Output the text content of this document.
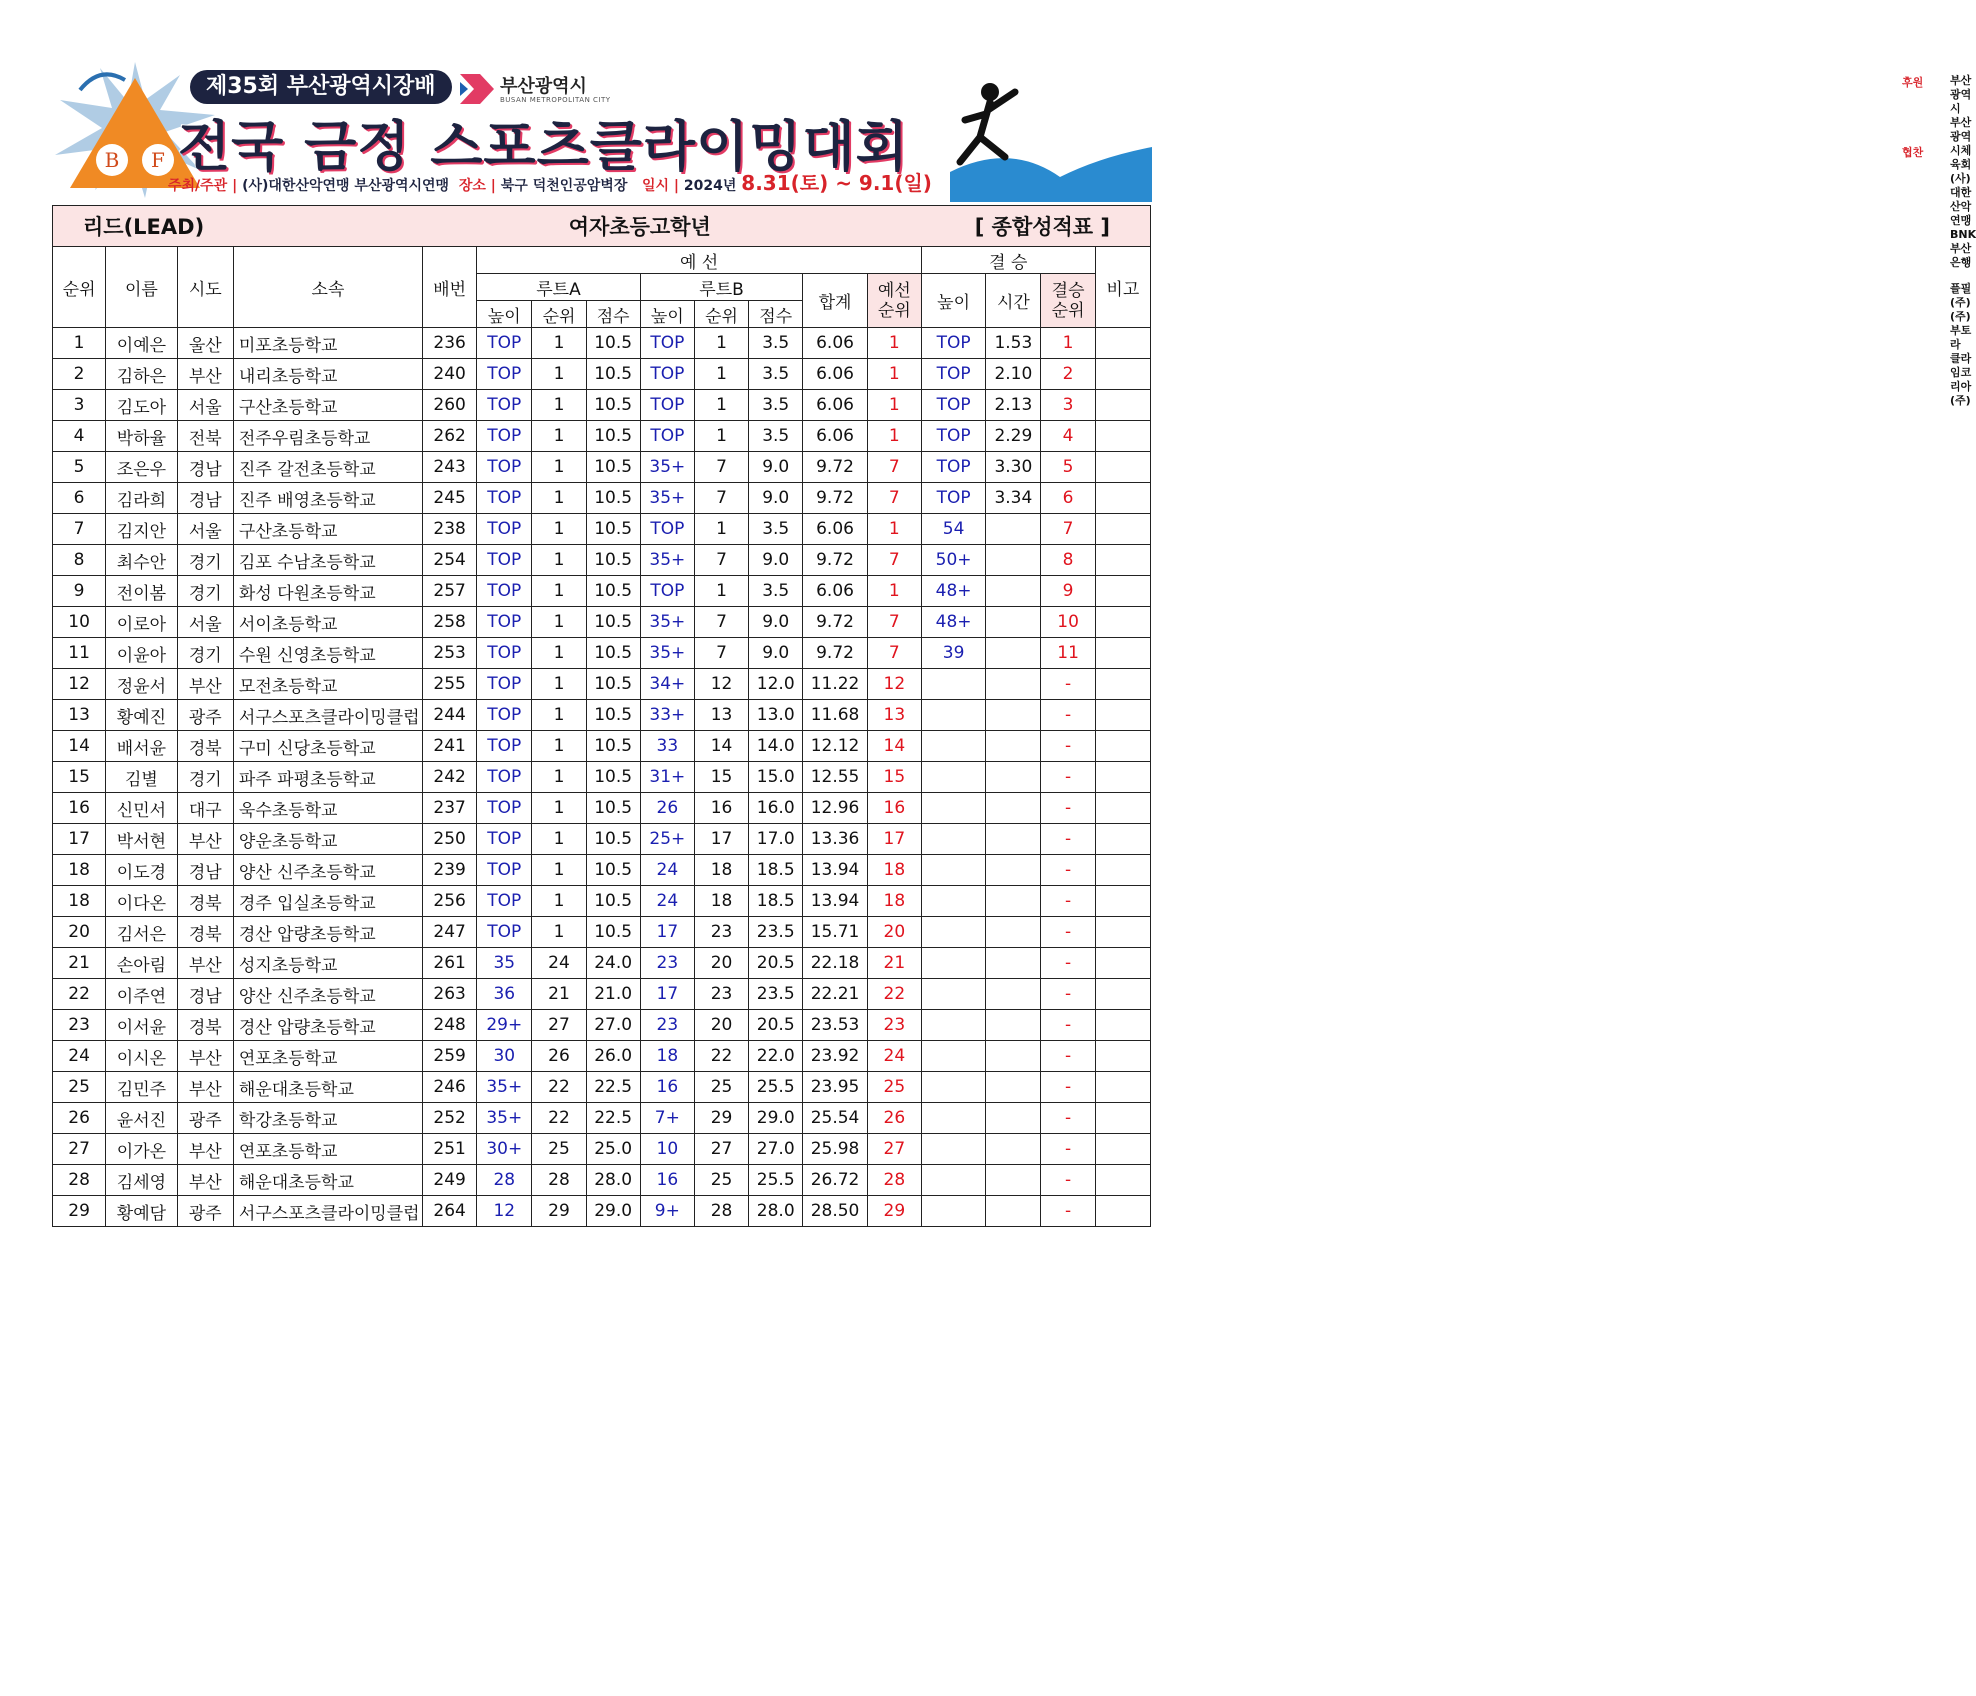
B F
제35회 부산광역시장배	부산광역시
BUSAN METROPOLITAN CITY
전국 금정 스포츠클라이밍대회
주최/주관 | (사)대한산악연맹 부산광역시연맹 장소 | 북구 덕천인공암벽장 일시 | 2024년 8.31(토) ~ 9.1(일)
후원 부산광역시
부산광역시체육회
(사)대한산악연맹
BNK부산은행
협찬
플필(주)
(주)부토라
클라임코리아(주)
리드(LEAD)					여자초등고학년						[ 종합성적표 ]					
순위	이름	시도	소속	배번	예 선								결 승			비고
					루트A			루트B			합계	예선 순위	높이	시간	결승 순위	
					높이	순위	점수	높이	순위	점수						
1	이예은	울산	미포초등학교	236	TOP	1	10.5	TOP	1	3.5	6.06	1	TOP	1.53	1	
2	김하은	부산	내리초등학교	240	TOP	1	10.5	TOP	1	3.5	6.06	1	TOP	2.10	2	
3	김도아	서울	구산초등학교	260	TOP	1	10.5	TOP	1	3.5	6.06	1	TOP	2.13	3	
4	박하율	전북	전주우림초등학교	262	TOP	1	10.5	TOP	1	3.5	6.06	1	TOP	2.29	4	
5	조은우	경남	진주 갈전초등학교	243	TOP	1	10.5	35+	7	9.0	9.72	7	TOP	3.30	5	
6	김라희	경남	진주 배영초등학교	245	TOP	1	10.5	35+	7	9.0	9.72	7	TOP	3.34	6	
7	김지안	서울	구산초등학교	238	TOP	1	10.5	TOP	1	3.5	6.06	1	54		7	
8	최수안	경기	김포 수남초등학교	254	TOP	1	10.5	35+	7	9.0	9.72	7	50+		8	
9	전이봄	경기	화성 다원초등학교	257	TOP	1	10.5	TOP	1	3.5	6.06	1	48+		9	
10	이로아	서울	서이초등학교	258	TOP	1	10.5	35+	7	9.0	9.72	7	48+		10	
11	이윤아	경기	수원 신영초등학교	253	TOP	1	10.5	35+	7	9.0	9.72	7	39		11	
12	정윤서	부산	모전초등학교	255	TOP	1	10.5	34+	12	12.0	11.22	12			-	
13	황예진	광주	서구스포츠클라이밍클럽	244	TOP	1	10.5	33+	13	13.0	11.68	13			-	
14	배서윤	경북	구미 신당초등학교	241	TOP	1	10.5	33	14	14.0	12.12	14			-	
15	김별	경기	파주 파평초등학교	242	TOP	1	10.5	31+	15	15.0	12.55	15			-	
16	신민서	대구	욱수초등학교	237	TOP	1	10.5	26	16	16.0	12.96	16			-	
17	박서현	부산	양운초등학교	250	TOP	1	10.5	25+	17	17.0	13.36	17			-	
18	이도경	경남	양산 신주초등학교	239	TOP	1	10.5	24	18	18.5	13.94	18			-	
18	이다온	경북	경주 입실초등학교	256	TOP	1	10.5	24	18	18.5	13.94	18			-	
20	김서은	경북	경산 압량초등학교	247	TOP	1	10.5	17	23	23.5	15.71	20			-	
21	손아림	부산	성지초등학교	261	35	24	24.0	23	20	20.5	22.18	21			-	
22	이주연	경남	양산 신주초등학교	263	36	21	21.0	17	23	23.5	22.21	22			-	
23	이서윤	경북	경산 압량초등학교	248	29+	27	27.0	23	20	20.5	23.53	23			-	
24	이시온	부산	연포초등학교	259	30	26	26.0	18	22	22.0	23.92	24			-	
25	김민주	부산	해운대초등학교	246	35+	22	22.5	16	25	25.5	23.95	25			-	
26	윤서진	광주	학강초등학교	252	35+	22	22.5	7+	29	29.0	25.54	26			-	
27	이가온	부산	연포초등학교	251	30+	25	25.0	10	27	27.0	25.98	27			-	
28	김세영	부산	해운대초등학교	249	28	28	28.0	16	25	25.5	26.72	28			-	
29	황예담	광주	서구스포츠클라이밍클럽	264	12	29	29.0	9+	28	28.0	28.50	29			-	
